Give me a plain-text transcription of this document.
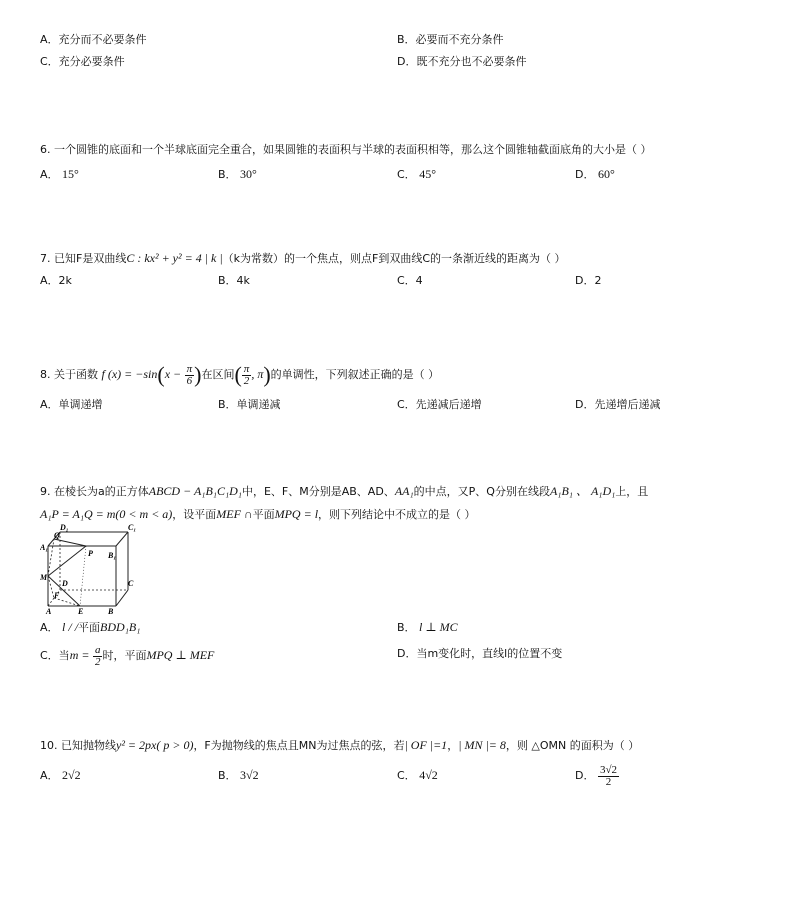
A．充分而不必要条件	B．必要而不充分条件
C．充分必要条件	D．既不充分也不必要条件
6. 一个圆锥的底面和一个半球底面完全重合，如果圆锥的表面积与半球的表面积相等，那么这个圆锥轴截面底角的大小是（ ）
A． 15°	B． 30°	C． 45°	D． 60°
7. 已知F是双曲线C : kx² + y² = 4 | k |（k为常数）的一个焦点，则点F到双曲线C的一条渐近线的距离为（ ）
A．2k	B．4k	C．4	D．2
8. 关于函数 f $(x) = -\sin(x - \frac{\pi}{6}$ )在区间( $\frac{\pi}{2}$ , π)的单调性，下列叙述正确的是（ ）
A．单调递增	B．单调递减	C．先递减后递增	D．先递增后递减
9. 在棱长为a的正方体ABCD − A₁B₁C₁D₁中，E、F、M分别是AB、AD、AA₁的中点，又P、Q分别在线段A₁B₁ 、 A₁D₁上，且
A₁P = A₁Q = m(0 < m < a)，设平面MEF ∩平面MPQ = l，则下列结论中不成立的是（ ）
D₁	C₁
Q
A₁
P B₁
M
D	C
F
A	E	B
A． l / /平面BDD₁B₁	B． l ⊥ MC
C．当$m = \frac{a}{2}$ 时，平面MPQ ⊥ MEF	D．当m变化时，直线l的位置不变
10. 已知抛物线y² = 2px( p > 0)，F为抛物线的焦点且MN为过焦点的弦，若| OF |=1，| MN |= 8，则 △OMN 的面积为（ ）
A． 2√2	B． 3√2	C． 4√2	D． $\frac{3√2}{2}$
